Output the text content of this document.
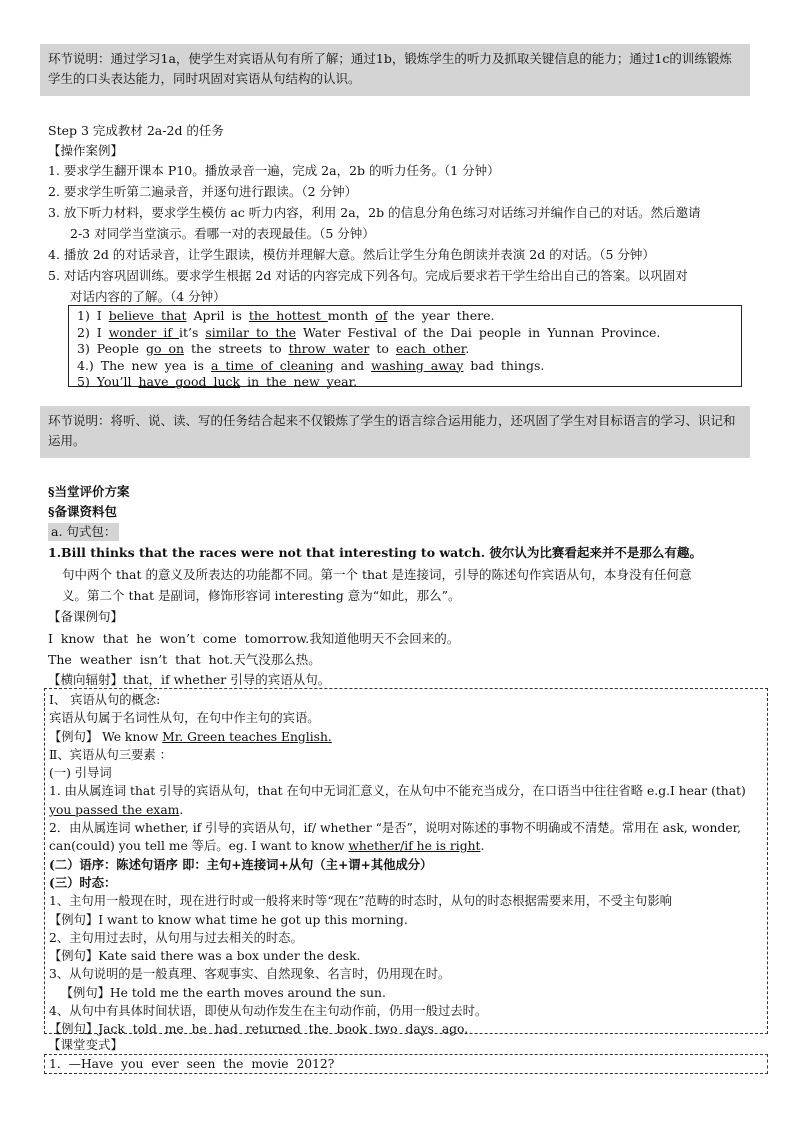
环节说明：通过学习1a，使学生对宾语从句有所了解；通过1b，锻炼学生的听力及抓取关键信息的能力；通过1c的训练锻炼学生的口头表达能力，同时巩固对宾语从句结构的认识。
Step 3 完成教材 2a-2d 的任务
【操作案例】
1. 要求学生翻开课本 P10。播放录音一遍，完成 2a，2b 的听力任务。（1 分钟）
2. 要求学生听第二遍录音，并逐句进行跟读。（2 分钟）
3. 放下听力材料，要求学生模仿 ac 听力内容，利用 2a，2b 的信息分角色练习对话练习并编作自己的对话。然后邀请
2-3 对同学当堂演示。看哪一对的表现最佳。（5 分钟）
4. 播放 2d 的对话录音，让学生跟读，模仿并理解大意。然后让学生分角色朗读并表演 2d 的对话。（5 分钟）
5. 对话内容巩固训练。要求学生根据 2d 对话的内容完成下列各句。完成后要求若干学生给出自己的答案。以巩固对
对话内容的了解。（4 分钟）
1) I believe that April is the hottest month of the year there.
2) I wonder if it’s similar to the Water Festival of the Dai people in Yunnan Province.
3) People go on the streets to throw water to each other.
4.) The new yea is a time of cleaning and washing away bad things.
5) You’ll have good luck in the new year.
环节说明：将听、说、读、写的任务结合起来不仅锻炼了学生的语言综合运用能力，还巩固了学生对目标语言的学习、识记和运用。
§当堂评价方案
§备课资料包
a. 句式包：
1.Bill thinks that the races were not that interesting to watch. 彼尔认为比赛看起来并不是那么有趣。
句中两个 that 的意义及所表达的功能都不同。第一个 that 是连接词，引导的陈述句作宾语从句，本身没有任何意
义。第二个 that 是副词，修饰形容词 interesting 意为“如此，那么”。
【备课例句】
I know that he won’t come tomorrow.我知道他明天不会回来的。
The weather isn’t that hot.天气没那么热。
【横向辐射】that，if whether 引导的宾语从句。
Ⅰ、 宾语从句的概念:
宾语从句属于名词性从句，在句中作主句的宾语。
【例句】 We know Mr. Green teaches English.
Ⅱ、宾语从句三要素 ：
(一) 引导词
1. 由从属连词 that 引导的宾语从句，that 在句中无词汇意义，在从句中不能充当成分，在口语当中往往省略 e.g.I hear (that) you passed the exam.
2．由从属连词 whether, if 引导的宾语从句，if/ whether “是否”，说明对陈述的事物不明确或不清楚。常用在 ask, wonder, can(could) you tell me 等后。eg. I want to know whether/if he is right.
(二）语序：陈述句语序 即：主句+连接词+从句（主+谓+其他成分）
(三）时态：
1、主句用一般现在时，现在进行时或一般将来时等“现在”范畴的时态时，从句的时态根据需要来用，不受主句影响
【例句】I want to know what time he got up this morning.
2、主句用过去时，从句用与过去相关的时态。
【例句】Kate said there was a box under the desk.
3、从句说明的是一般真理、客观事实、自然现象、名言时，仍用现在时。
【例句】He told me the earth moves around the sun.
4、从句中有具体时间状语，即使从句动作发生在主句动作前，仍用一般过去时。
【例句】Jack told me he had returned the book two days ago.
【课堂变式】
1. —Have you ever seen the movie 2012?
